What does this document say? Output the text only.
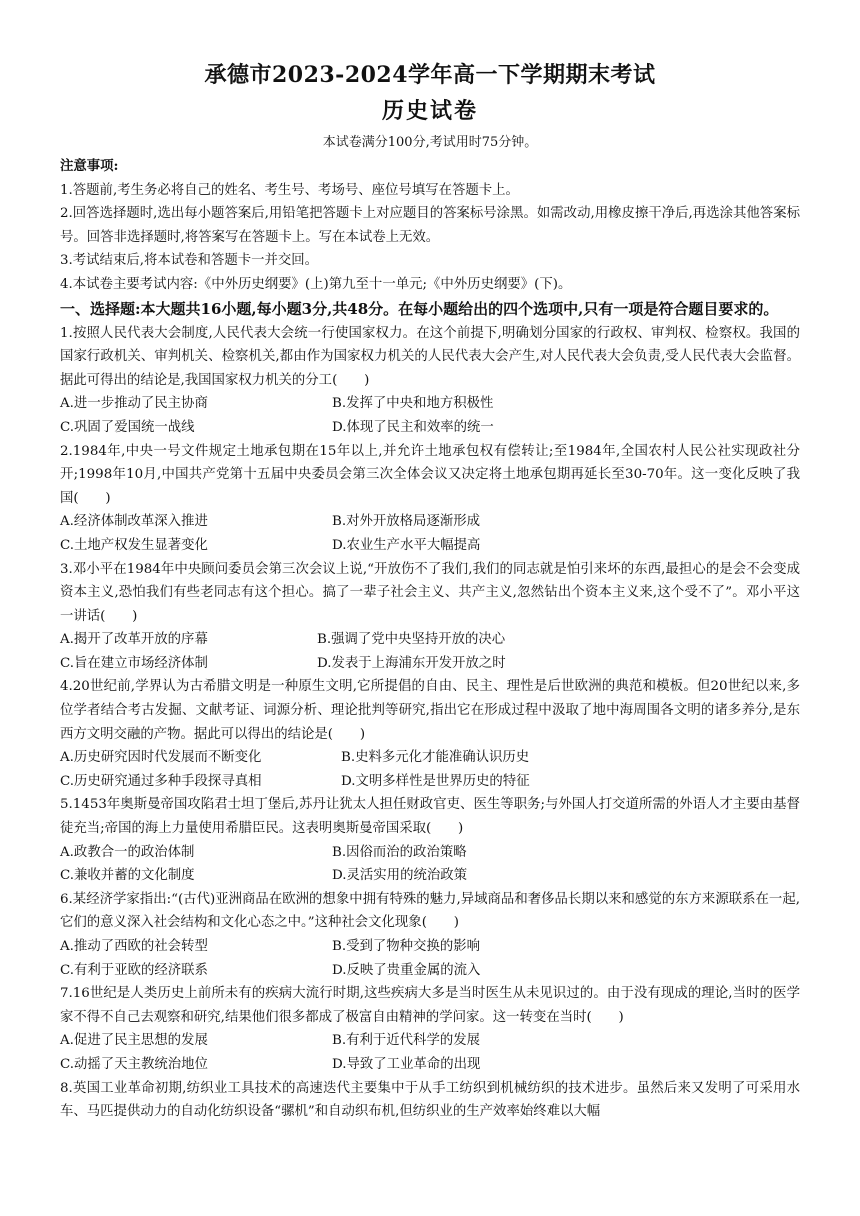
承德市2023-2024学年高一下学期期末考试
历史试卷
本试卷满分100分,考试用时75分钟。

注意事项:

1.答题前,考生务必将自己的姓名、考生号、考场号、座位号填写在答题卡上。

2.回答选择题时,选出每小题答案后,用铅笔把答题卡上对应题目的答案标号涂黑。如需改动,用橡皮擦干净后,再选涂其他答案标号。回答非选择题时,将答案写在答题卡上。写在本试卷上无效。

3.考试结束后,将本试卷和答题卡一并交回。

4.本试卷主要考试内容:《中外历史纲要》(上)第九至十一单元;《中外历史纲要》(下)。

一、选择题:本大题共16小题,每小题3分,共48分。在每小题给出的四个选项中,只有一项是符合题目要求的。

1.按照人民代表大会制度,人民代表大会统一行使国家权力。在这个前提下,明确划分国家的行政权、审判权、检察权。我国的国家行政机关、审判机关、检察机关,都由作为国家权力机关的人民代表大会产生,对人民代表大会负责,受人民代表大会监督。据此可得出的结论是,我国国家权力机关的分工(　　)

A.进一步推动了民主协商	B.发挥了中央和地方积极性
C.巩固了爱国统一战线	D.体现了民主和效率的统一

2.1984年,中央一号文件规定土地承包期在15年以上,并允许土地承包权有偿转让;至1984年,全国农村人民公社实现政社分开;1998年10月,中国共产党第十五届中央委员会第三次全体会议又决定将土地承包期再延长至30-70年。这一变化反映了我国(　　)

A.经济体制改革深入推进	B.对外开放格局逐渐形成
C.土地产权发生显著变化	D.农业生产水平大幅提高

3.邓小平在1984年中央顾问委员会第三次会议上说,“开放伤不了我们,我们的同志就是怕引来坏的东西,最担心的是会不会变成资本主义,恐怕我们有些老同志有这个担心。搞了一辈子社会主义、共产主义,忽然钻出个资本主义来,这个受不了”。邓小平这一讲话(　　)

A.揭开了改革开放的序幕	B.强调了党中央坚持开放的决心
C.旨在建立市场经济体制	D.发表于上海浦东开发开放之时

4.20世纪前,学界认为古希腊文明是一种原生文明,它所提倡的自由、民主、理性是后世欧洲的典范和模板。但20世纪以来,多位学者结合考古发掘、文献考证、词源分析、理论批判等研究,指出它在形成过程中汲取了地中海周围各文明的诸多养分,是东西方文明交融的产物。据此可以得出的结论是(　　)

A.历史研究因时代发展而不断变化	B.史料多元化才能准确认识历史
C.历史研究通过多种手段探寻真相	D.文明多样性是世界历史的特征

5.1453年奥斯曼帝国攻陷君士坦丁堡后,苏丹让犹太人担任财政官吏、医生等职务;与外国人打交道所需的外语人才主要由基督徒充当;帝国的海上力量使用希腊臣民。这表明奥斯曼帝国采取(　　)

A.政教合一的政治体制	B.因俗而治的政治策略
C.兼收并蓄的文化制度	D.灵活实用的统治政策

6.某经济学家指出:“(古代)亚洲商品在欧洲的想象中拥有特殊的魅力,异域商品和奢侈品长期以来和感觉的东方来源联系在一起,它们的意义深入社会结构和文化心态之中。”这种社会文化现象(　　)

A.推动了西欧的社会转型	B.受到了物种交换的影响
C.有利于亚欧的经济联系	D.反映了贵重金属的流入

7.16世纪是人类历史上前所未有的疾病大流行时期,这些疾病大多是当时医生从未见识过的。由于没有现成的理论,当时的医学家不得不自己去观察和研究,结果他们很多都成了极富自由精神的学问家。这一转变在当时(　　)

A.促进了民主思想的发展	B.有利于近代科学的发展
C.动摇了天主教统治地位	D.导致了工业革命的出现

8.英国工业革命初期,纺织业工具技术的高速迭代主要集中于从手工纺织到机械纺织的技术进步。虽然后来又发明了可采用水车、马匹提供动力的自动化纺织设备“骡机”和自动织布机,但纺织业的生产效率始终难以大幅
